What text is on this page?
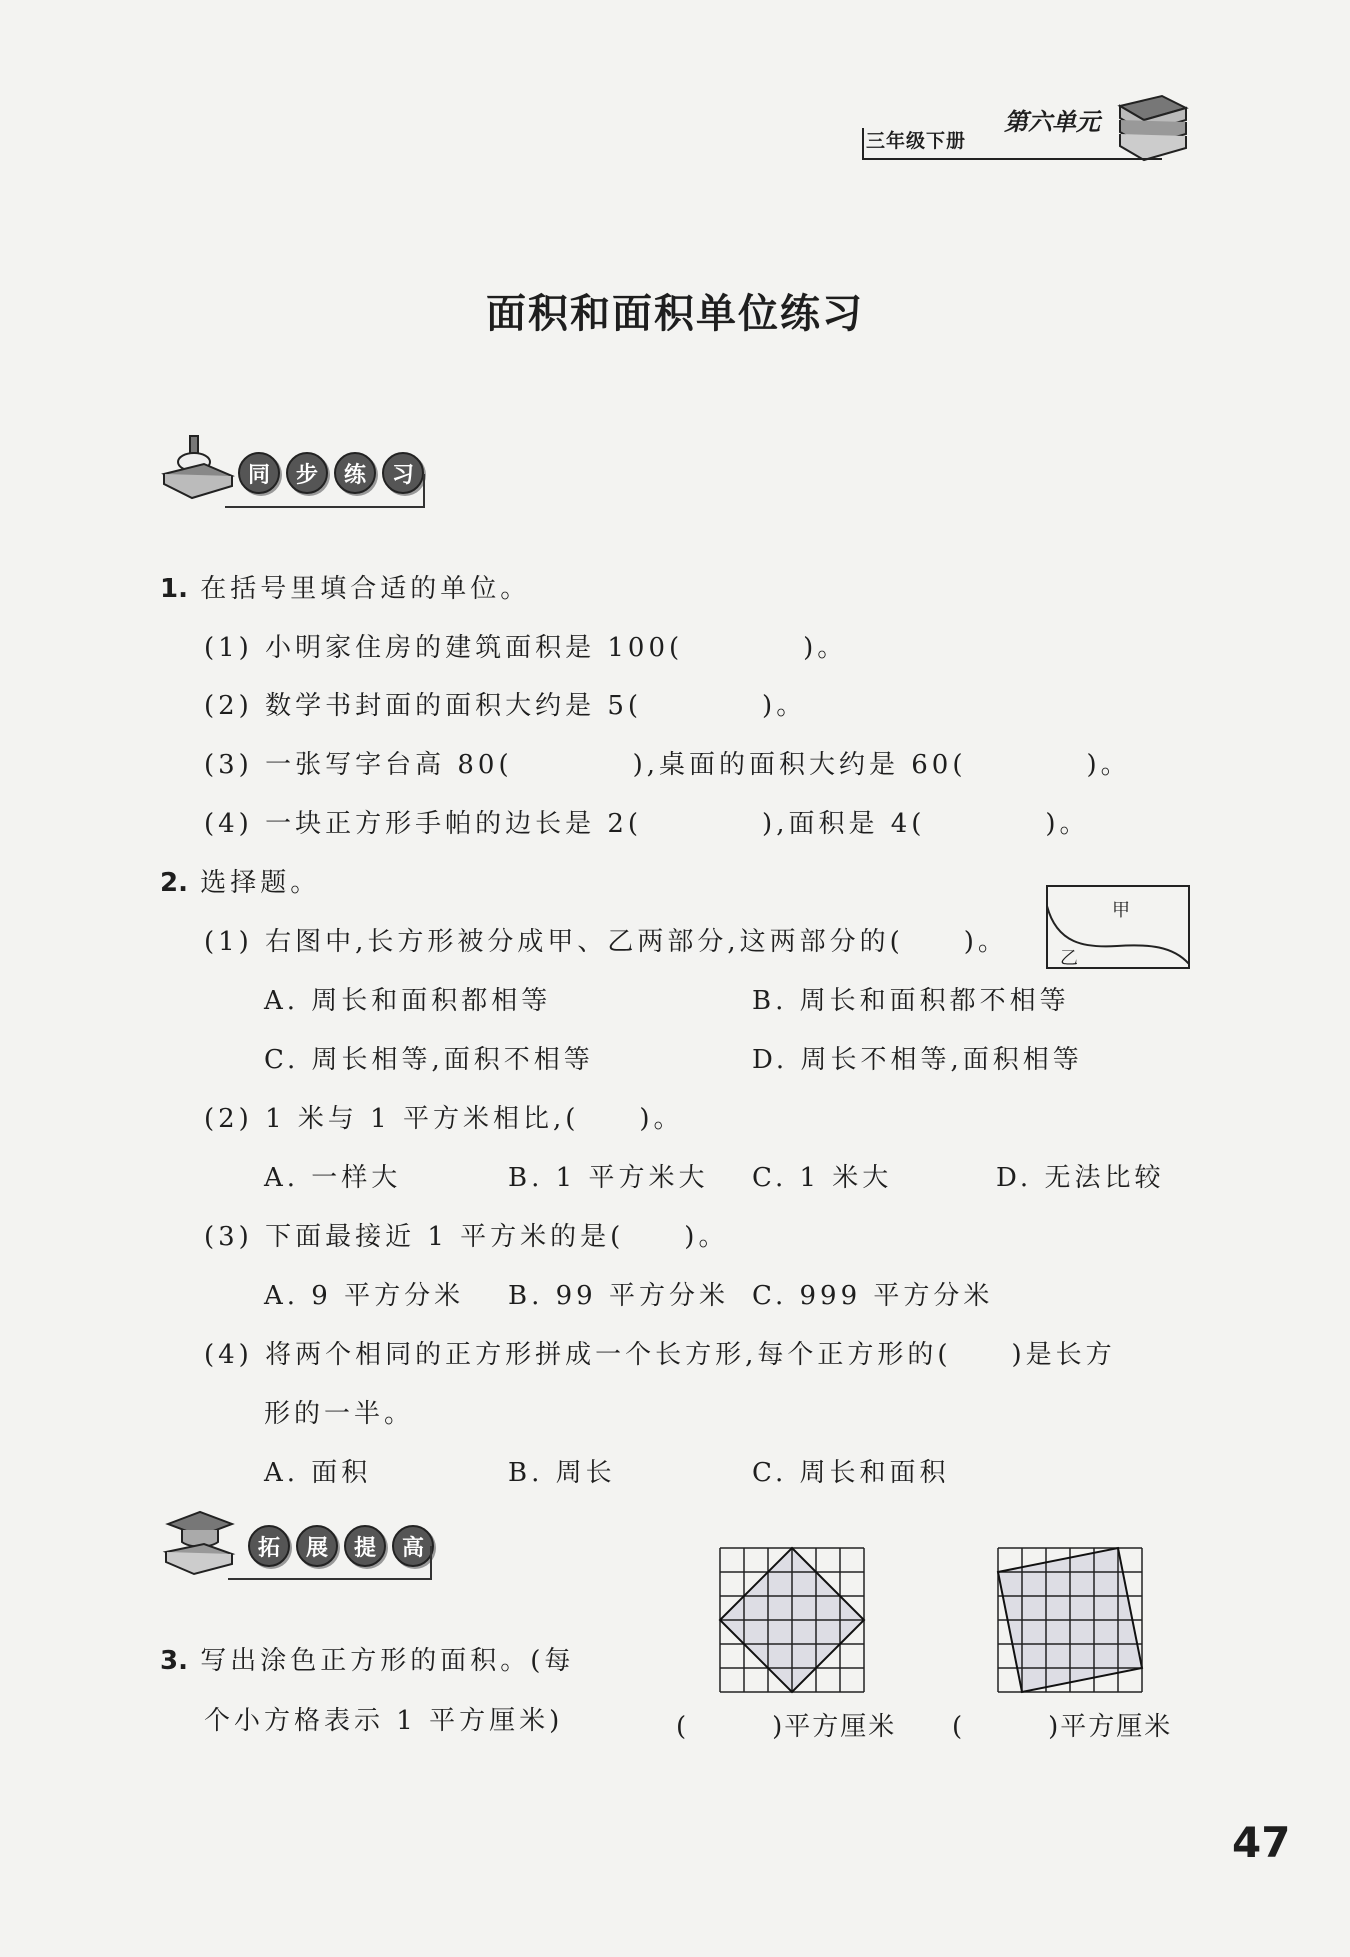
第六单元
三年级下册
面积和面积单位练习
同	步	练	习
1. 在括号里填合适的单位。
(1) 小明家住房的建筑面积是 100(　　　　)。
(2) 数学书封面的面积大约是 5(　　　　)。
(3) 一张写字台高 80(　　　　),桌面的面积大约是 60(　　　　)。
(4) 一块正方形手帕的边长是 2(　　　　),面积是 4(　　　　)。
2. 选择题。
(1) 右图中,长方形被分成甲、乙两部分,这两部分的(　　)。
甲
乙
A. 周长和面积都相等	B. 周长和面积都不相等
C. 周长相等,面积不相等	D. 周长不相等,面积相等
(2) 1 米与 1 平方米相比,(　　)。
A. 一样大	B. 1 平方米大 C. 1 米大	D. 无法比较
(3) 下面最接近 1 平方米的是(　　)。
A. 9 平方分米 B. 99 平方分米 C. 999 平方分米
(4) 将两个相同的正方形拼成一个长方形,每个正方形的(　　)是长方
形的一半。
A. 面积	B. 周长	C. 周长和面积
拓	展	提	高
3. 写出涂色正方形的面积。(每
个小方格表示 1 平方厘米)	(　　　)平方厘米 (　　　)平方厘米
47
